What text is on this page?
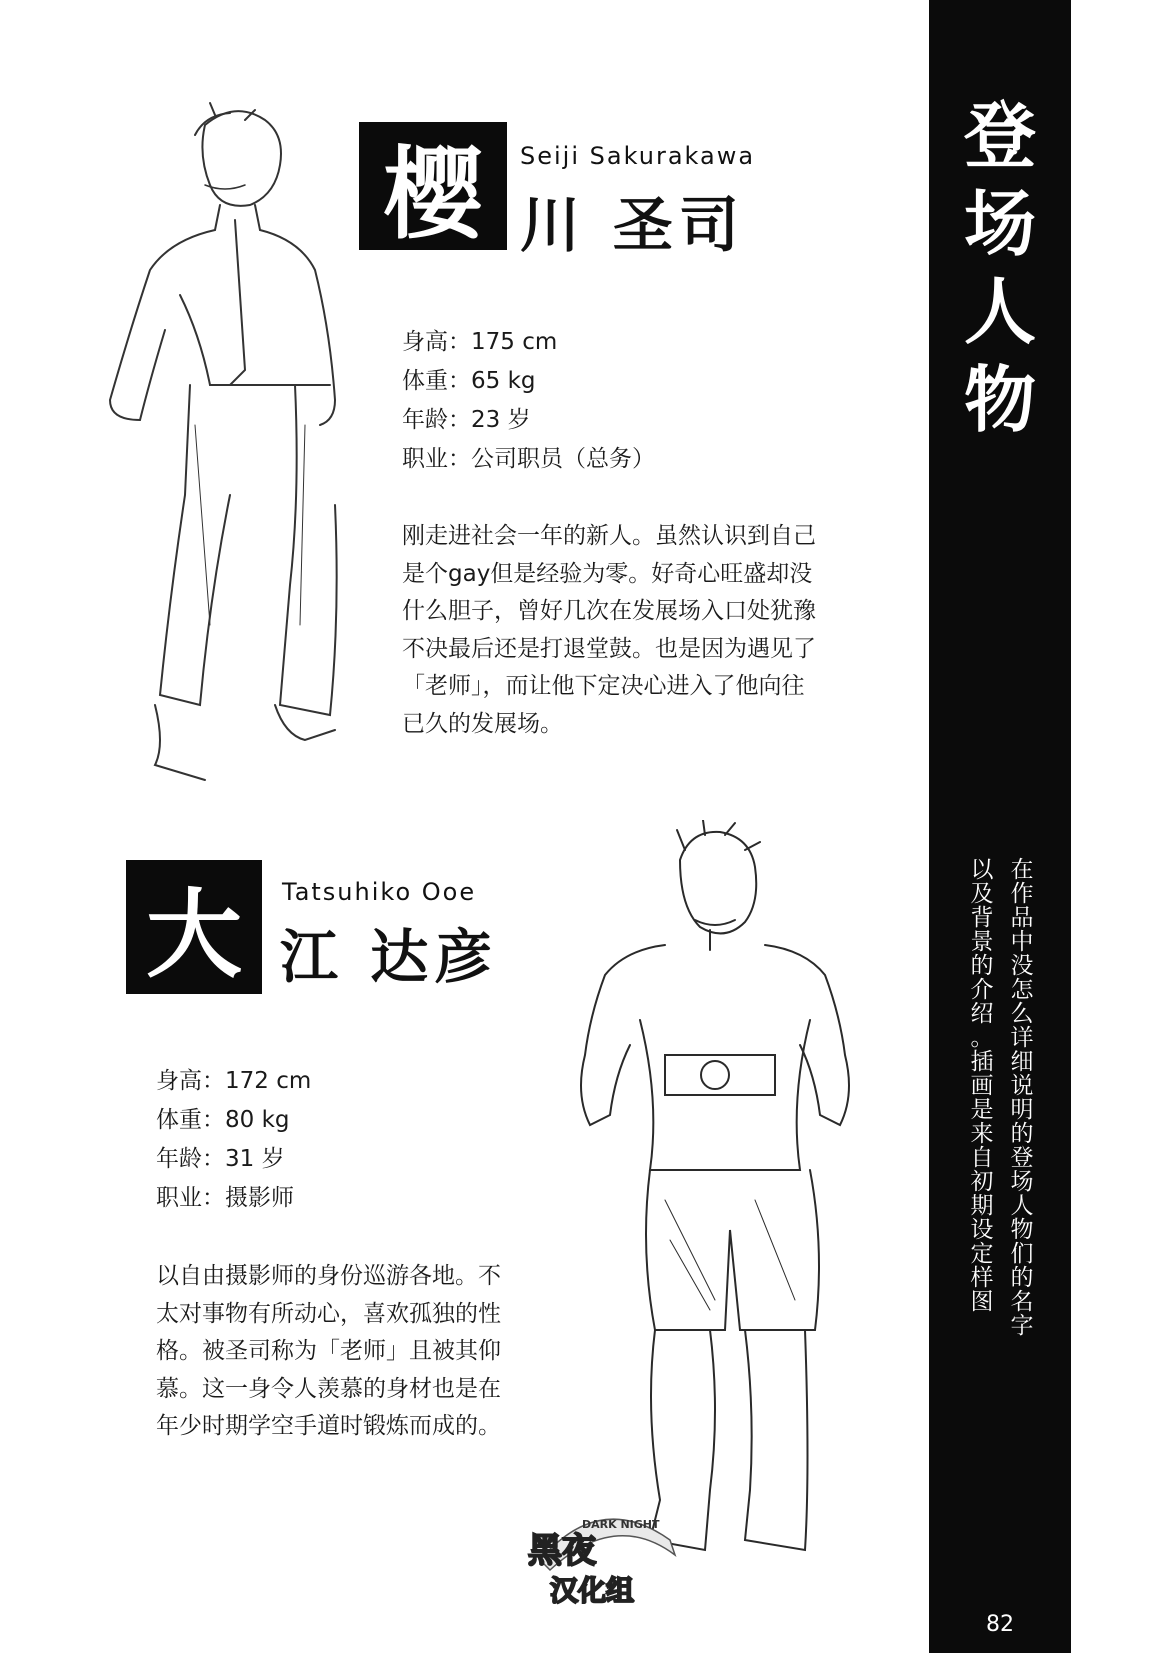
樱 Seiji Sakurakawa
川 圣司
身高：175 cm
体重：65 kg
年龄：23 岁
职业：公司职员（总务）
刚走进社会一年的新人。虽然认识到自己
是个gay但是经验为零。好奇心旺盛却没
什么胆子，曾好几次在发展场入口处犹豫
不决最后还是打退堂鼓。也是因为遇见了
「老师」，而让他下定决心进入了他向往
已久的发展场。
大 Tatsuhiko Ooe
江 达彦
身高：172 cm
体重：80 kg
年龄：31 岁
职业：摄影师
以自由摄影师的身份巡游各地。不
太对事物有所动心，喜欢孤独的性
格。被圣司称为「老师」且被其仰
慕。这一身令人羡慕的身材也是在
年少时期学空手道时锻炼而成的。
DARK NIGHT
黑夜
汉化组
登
场
人
物
在
作
品
中
没
怎
么
详
细
说
明
的
登
场
人
物
们
的
名
字
以
及
背
景
的
介
绍
。
插
画
是
来
自
初
期
设
定
样
图
82
